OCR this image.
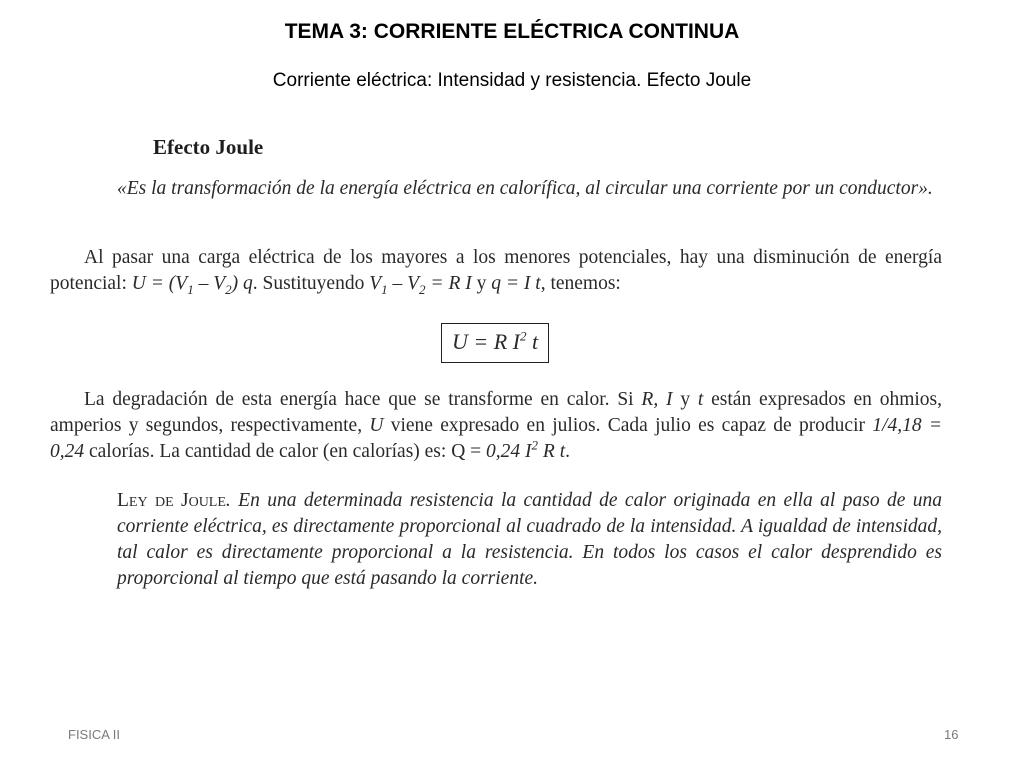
TEMA 3: CORRIENTE ELÉCTRICA CONTINUA
Corriente eléctrica: Intensidad y resistencia. Efecto Joule
Efecto Joule
«Es la transformación de la energía eléctrica en calorífica, al circular una corriente por un conductor».
Al pasar una carga eléctrica de los mayores a los menores potenciales, hay una disminución de energía potencial: $U = (V_1 - V_2)$ q. Sustituyendo $V_1 - V_2 = R$ I y q = I t, tenemos:
U = R $I^2$ t
La degradación de esta energía hace que se transforme en calor. Si R, I y t están expresados en ohmios, amperios y segundos, respectivamente, U viene expresado en julios. Cada julio es capaz de producir 1/4,18 = 0,24 calorías. La cantidad de calor (en calorías) es: Q = 0,24 $I^2$ R t.
Ley de Joule. En una determinada resistencia la cantidad de calor originada en ella al paso de una corriente eléctrica, es directamente proporcional al cuadrado de la intensidad. A igualdad de intensidad, tal calor es directamente proporcional a la resistencia. En todos los casos el calor desprendido es proporcional al tiempo que está pasando la corriente.
FISICA II	16
